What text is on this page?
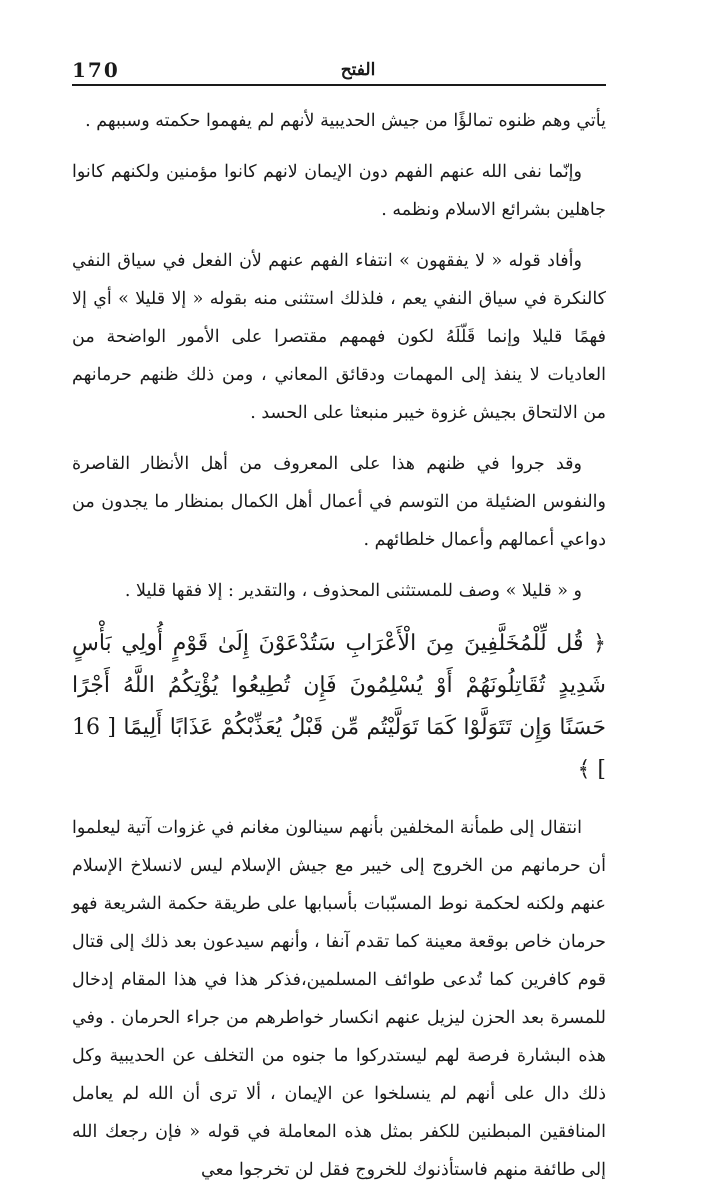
170	الفتح

يأتي وهم ظنوه تمالؤًا من جيش الحديبية لأنهم لم يفهموا حكمته وسببهم .

وإنّما نفى الله عنهم الفهم دون الإيمان لانهم كانوا مؤمنين ولكنهم كانوا جاهلين بشرائع الاسلام ونظمه .

وأفاد قوله « لا يفقهون » انتفاء الفهم عنهم لأن الفعل في سياق النفي كالنكرة في سياق النفي يعم ، فلذلك استثنى منه بقوله « إلا قليلا » أي إلا فهمًا قليلا وإنما قَلّلَهُ لكون فهمهم مقتصرا على الأمور الواضحة من العاديات لا ينفذ إلى المهمات ودقائق المعاني ، ومن ذلك ظنهم حرمانهم من الالتحاق بجيش غزوة خيبر منبعثا على الحسد .

وقد جروا في ظنهم هذا على المعروف من أهل الأنظار القاصرة والنفوس الضئيلة من التوسم في أعمال أهل الكمال بمنظار ما يجدون من دواعي أعمالهم وأعمال خلطائهم .

و « قليلا » وصف للمستثنى المحذوف ، والتقدير : إلا فقها قليلا .

﴿ قُل لِّلْمُخَلَّفِينَ مِنَ الْأَعْرَابِ سَتُدْعَوْنَ إِلَىٰ قَوْمٍ أُولِي بَأْسٍ شَدِيدٍ تُقَاتِلُونَهُمْ أَوْ يُسْلِمُونَ فَإِن تُطِيعُوا يُؤْتِكُمُ اللَّهُ أَجْرًا حَسَنًا وَإِن تَتَوَلَّوْا كَمَا تَوَلَّيْتُم مِّن قَبْلُ يُعَذِّبْكُمْ عَذَابًا أَلِيمًا [ 16 ] ﴾

انتقال إلى طمأنة المخلفين بأنهم سينالون مغانم في غزوات آتية ليعلموا أن حرمانهم من الخروج إلى خيبر مع جيش الإسلام ليس لانسلاخ الإسلام عنهم ولكنه لحكمة نوط المسبّبات بأسبابها على طريقة حكمة الشريعة فهو حرمان خاص بوقعة معينة كما تقدم آنفا ، وأنهم سيدعون بعد ذلك إلى قتال قوم كافرين كما تُدعى طوائف المسلمين،فذكر هذا في هذا المقام إدخال للمسرة بعد الحزن ليزيل عنهم انكسار خواطرهم من جراء الحرمان . وفي هذه البشارة فرصة لهم ليستدركوا ما جنوه من التخلف عن الحديبية وكل ذلك دال على أنهم لم ينسلخوا عن الإيمان ، ألا ترى أن الله لم يعامل المنافقين المبطنين للكفر بمثل هذه المعاملة في قوله « فإن رجعك الله إلى طائفة منهم فاستأذنوك للخروج فقل لن تخرجوا معي
